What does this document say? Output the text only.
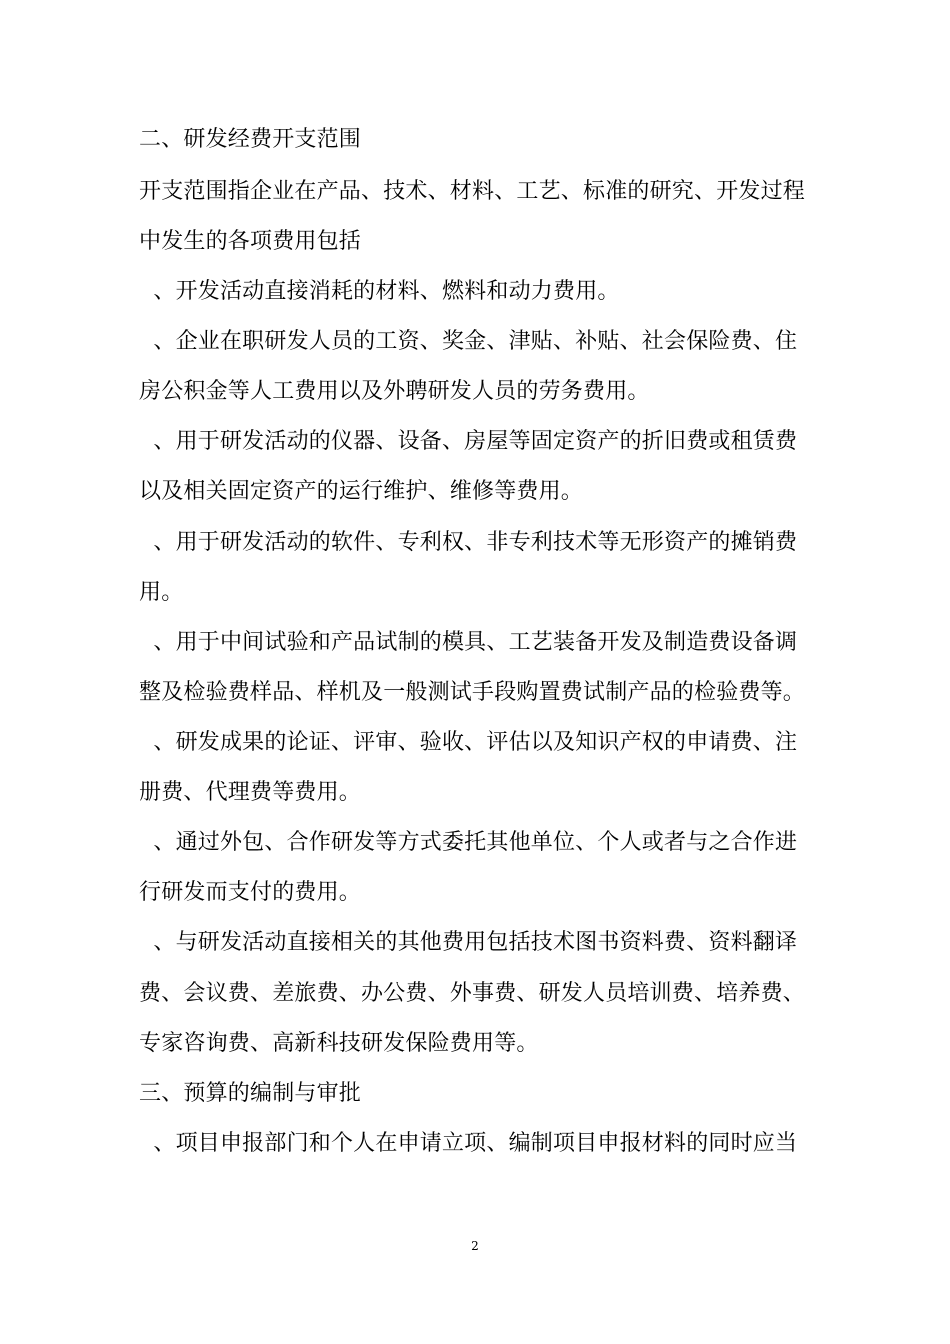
二、研发经费开支范围
开支范围指企业在产品、技术、材料、工艺、标准的研究、开发过程
中发生的各项费用包括
、开发活动直接消耗的材料、燃料和动力费用。
、企业在职研发人员的工资、奖金、津贴、补贴、社会保险费、住
房公积金等人工费用以及外聘研发人员的劳务费用。
、用于研发活动的仪器、设备、房屋等固定资产的折旧费或租赁费
以及相关固定资产的运行维护、维修等费用。
、用于研发活动的软件、专利权、非专利技术等无形资产的摊销费
用。
、用于中间试验和产品试制的模具、工艺装备开发及制造费设备调
整及检验费样品、样机及一般测试手段购置费试制产品的检验费等。
、研发成果的论证、评审、验收、评估以及知识产权的申请费、注
册费、代理费等费用。
、通过外包、合作研发等方式委托其他单位、个人或者与之合作进
行研发而支付的费用。
、与研发活动直接相关的其他费用包括技术图书资料费、资料翻译
费、会议费、差旅费、办公费、外事费、研发人员培训费、培养费、
专家咨询费、高新科技研发保险费用等。
三、预算的编制与审批
、项目申报部门和个人在申请立项、编制项目申报材料的同时应当
2
